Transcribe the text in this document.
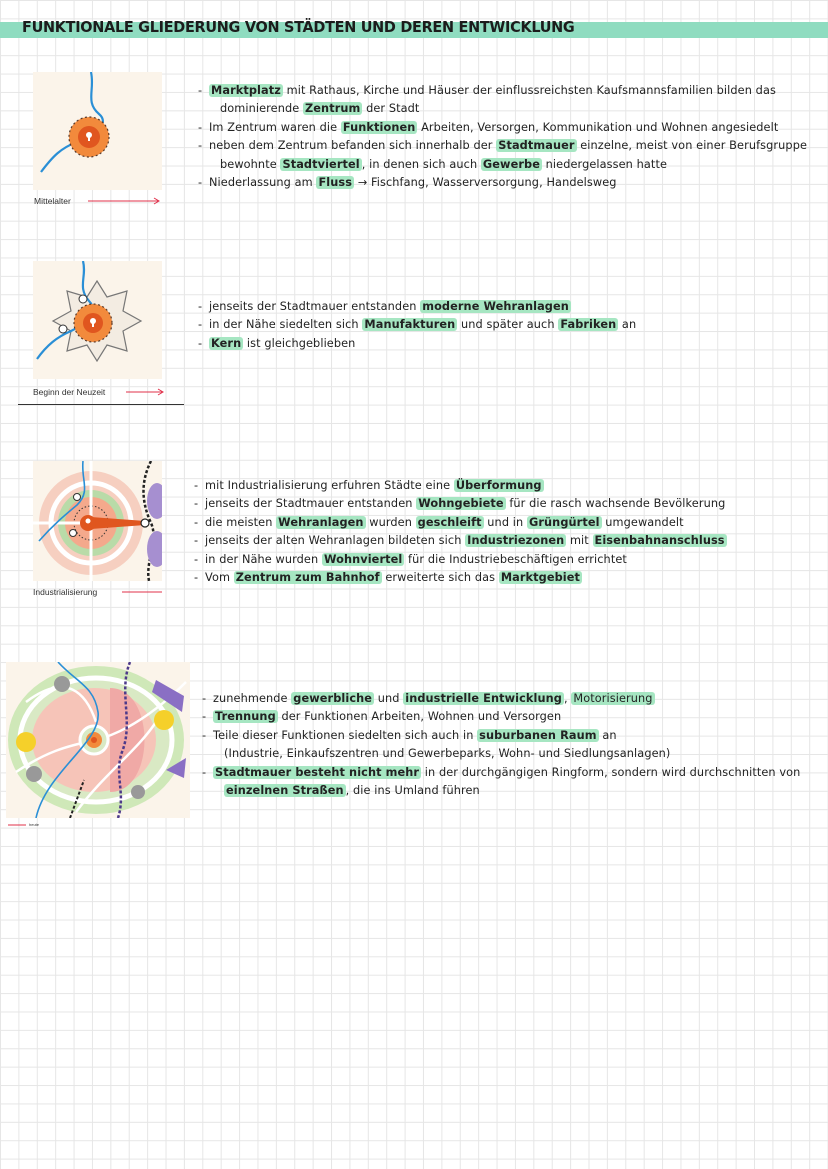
FUNKTIONALE GLIEDERUNG VON STÄDTEN UND DEREN ENTWICKLUNG
Mittelalter
- Marktplatz mit Rathaus, Kirche und Häuser der einflussreichsten Kaufsmannsfamilien bilden das
dominierende Zentrum der Stadt
- Im Zentrum waren die Funktionen Arbeiten, Versorgen, Kommunikation und Wohnen angesiedelt
- neben dem Zentrum befanden sich innerhalb der Stadtmauer einzelne, meist von einer Berufsgruppe
bewohnte Stadtviertel , in denen sich auch Gewerbe niedergelassen hatte
- Niederlassung am Fluss → Fischfang, Wasserversorgung, Handelsweg
Beginn der Neuzeit
- jenseits der Stadtmauer entstanden moderne Wehranlagen
- in der Nähe siedelten sich Manufakturen und später auch Fabriken an
- Kern ist gleichgeblieben
Industrialisierung
- mit Industrialisierung erfuhren Städte eine Überformung
- jenseits der Stadtmauer entstanden Wohngebiete für die rasch wachsende Bevölkerung
- die meisten Wehranlagen wurden geschleift und in Grüngürtel umgewandelt
- jenseits der alten Wehranlagen bildeten sich Industriezonen mit Eisenbahnanschluss
- in der Nähe wurden Wohnviertel für die Industriebeschäftigen errichtet
- Vom Zentrum zum Bahnhof erweiterte sich das Marktgebiet
heute
- zunehmende gewerbliche und industrielle Entwicklung , Motorisierung
- Trennung der Funktionen Arbeiten, Wohnen und Versorgen
- Teile dieser Funktionen siedelten sich auch in suburbanen Raum an
(Industrie, Einkaufszentren und Gewerbeparks, Wohn- und Siedlungsanlagen)
- Stadtmauer besteht nicht mehr in der durchgängigen Ringform, sondern wird durchschnitten von
einzelnen Straßen , die ins Umland führen
